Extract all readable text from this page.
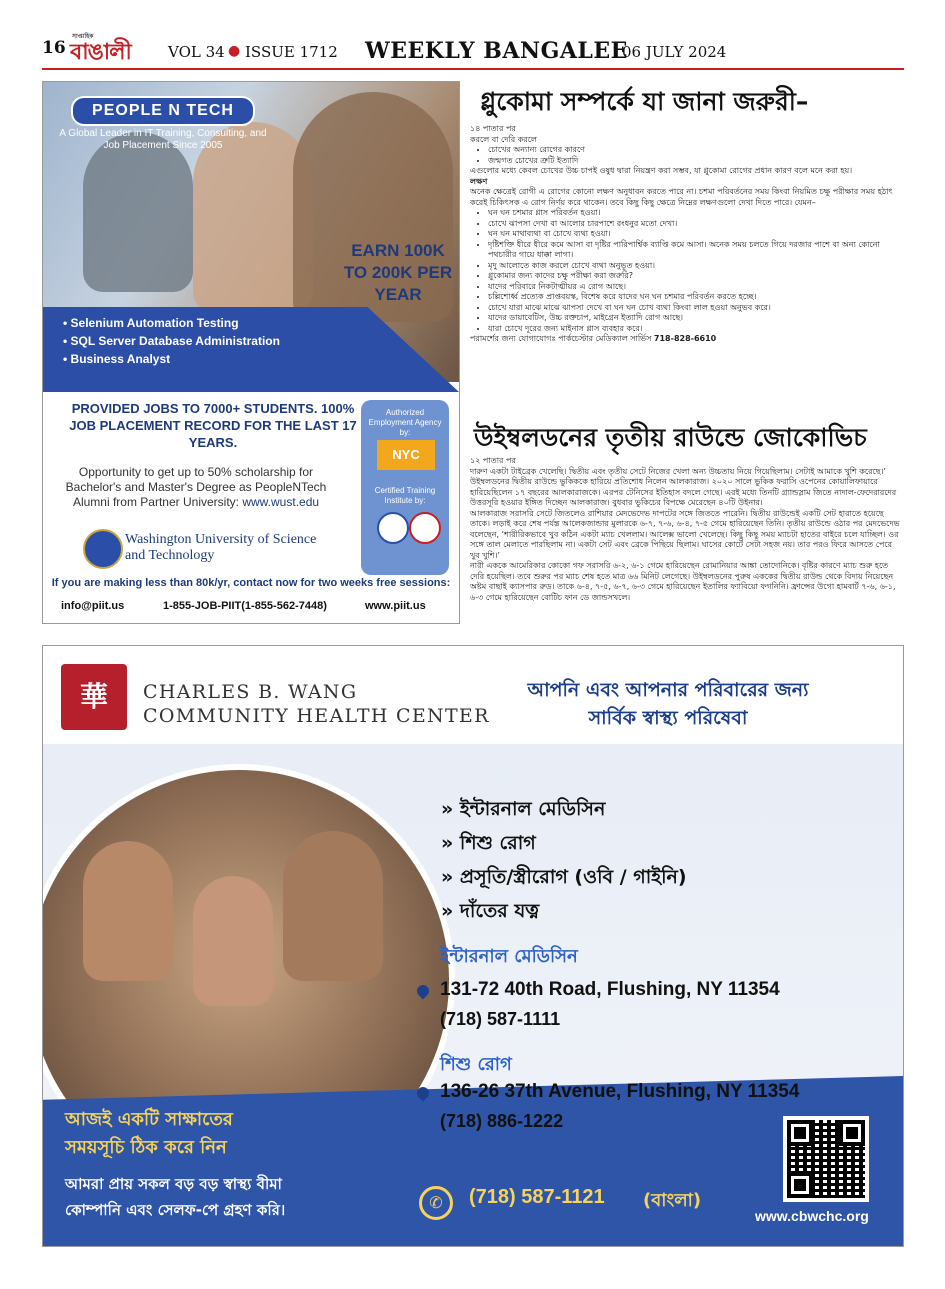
16
সাপ্তাহিক
বাঙালী	VOL 34 ● ISSUE 1712 WEEKLY BANGALEE
06 JULY 2024
PEOPLE N TECH
A Global Leader in IT Training, Consulting, and Job Placement Since 2005
EARN 100K TO 200K PER YEAR
• Selenium Automation Testing
• SQL Server Database Administration
• Business Analyst
PROVIDED JOBS TO 7000+ STUDENTS. 100% JOB PLACEMENT RECORD FOR THE LAST 17 YEARS.
Opportunity to get up to 50% scholarship for Bachelor's and Master's Degree as PeopleNTech Alumni from Partner University: www.wust.edu
Washington University of Science and Technology
Authorized Employment Agency by:
NYC
Certified Training Institute by:
If you are making less than 80k/yr, contact now for two weeks free sessions:
info@piit.us	1-855-JOB-PIIT(1-855-562-7448)	www.piit.us
গ্লুকোমা সম্পর্কে যা জানা জরুরী–

১৪ পাতার পর

করলে বা দেরি করলে

• চোখের অন্যান্য রোগের কারণে
• জন্মগত চোখের ত্রুটি ইত্যাদি

এগুলোর মধ্যে কেবল চোখের উচ্চ চাপই ওষুধ দ্বারা নিয়ন্ত্রণ করা সম্ভব, যা গ্লুকোমা রোগের প্রধান কারণ বলে মনে করা হয়।

লক্ষণ

অনেক ক্ষেত্রেই রোগী এ রোগের কোনো লক্ষণ অনুধাবন করতে পারে না। চশমা পরিবর্তনের সময় কিংবা নিয়মিত চক্ষু পরীক্ষার সময় হঠাৎ করেই চিকিৎসক এ রোগ নির্ণয় করে থাকেন। তবে কিছু কিছু ক্ষেত্রে নিম্নের লক্ষণগুলো দেখা দিতে পারে। যেমন–

• ঘন ঘন চশমার গ্লাস পরিবর্তন হওয়া।
• চোখে ঝাপসা দেখা বা আলোর চারপাশে রংধনুর মতো দেখা।
• ঘন ঘন মাথাব্যথা বা চোখে ব্যথা হওয়া।
• দৃষ্টিশক্তি ধীরে ধীরে কমে আসা বা দৃষ্টির পারিপার্শ্বিক ব্যাপ্তি কমে আসা। অনেক সময় চলতে গিয়ে দরজার পাশে বা অন্য কোনো পথচারীর গায়ে ধাক্কা লাগা।
• মৃদু আলোতে কাজ করলে চোখে ব্যথা অনুভূত হওয়া।
• গ্লুকোমার জন্য কাদের চক্ষু পরীক্ষা করা জরুরি?
• যাদের পরিবারে নিকটাত্মীয়র এ রোগ আছে।
• চল্লিশোর্ধ্ব প্রত্যেক প্রাপ্তবয়স্ক, বিশেষ করে যাদের ঘন ঘন চশমার পরিবর্তন করতে হচ্ছে।
• চোখে যারা মাঝে মাঝে ঝাপসা দেখে বা ঘন ঘন চোখ ব্যথা কিংবা লাল হওয়া অনুভব করে।
• যাদের ডায়াবেটিস, উচ্চ রক্তচাপ, মাইগ্রেন ইত্যাদি রোগ আছে।
• যারা চোখে দূরের জন্য মাইনাস গ্লাস ব্যবহার করে।

পরামর্শের জন্য যোগাযোগঃ পার্কচেস্টার মেডিক্যাল সার্ভিস 718-828-6610

উইম্বলডনের তৃতীয় রাউন্ডে জোকোভিচ

১২ পাতার পর

দারুণ একটা টাইব্রেক খেলেছি। দ্বিতীয় এবং তৃতীয় সেটে নিজের খেলা অন্য উচ্চতায় নিয়ে গিয়েছিলাম। সেটাই আমাকে খুশি করেছে।’

উইম্বলডনের দ্বিতীয় রাউন্ডে ভুকিককে হারিয়ে প্রতিশোধ নিলেন আলকারাজ। ২০২০ সালে ভুকিক ফরাসি ওপেনের কোয়ালিফায়ারে হারিয়েছিলেন ১৭ বছরের আলকারাজকে। এরপর টেনিসের ইতিহাস বদলে গেছে। এরই মধ্যে তিনটি গ্র্যান্ডস্লাম জিতে নাদাল-ফেদেরারদের উত্তরসূরি হওয়ার ইঙ্গিত দিচ্ছেন আলকারাজ। বুধবার ভুকিচের বিপক্ষে মেরেছেন ৪০টি উইনার।

আলকারাজ সরাসরি সেটে জিতলেও রাশিয়ার মেদভেদেভ দাপটের সঙ্গে জিততে পারেনি। দ্বিতীয় রাউন্ডেই একটি সেট হারাতে হয়েছে তাকে। লড়াই করে শেষ পর্যন্ত আলেকজান্ডার মুলারকে ৬-৭, ৭-৬, ৬-৪, ৭-৫ গেমে হারিয়েছেন তিনি। তৃতীয় রাউন্ডে ওঠার পর মেদভেদেভ বলেছেন, ‘শারীরিকভাবে খুব কঠিন একটা ম্যাচ খেললাম। আলেক্স ভালো খেলেছে। কিছু কিছু সময় ম্যাচটা হাতের বাইরে চলে যাচ্ছিল। ওর সঙ্গে তাল মেলাতে পারছিলাম না। একটা সেট এবং ব্রেকে পিছিয়ে ছিলাম। ঘাসের কোর্টে সেটা সহজ নয়। তার পরও ফিরে আসতে পেরে খুব খুশি।’

নারী এককে আমেরিকার কোকো গফ সরাসরি ৬-২, ৬-১ গেমে হারিয়েছেন রোমানিয়ার আঙ্কা তোদোনিকে। বৃষ্টির কারণে ম্যাচ শুরু হতে দেরি হয়েছিল। তবে শুরুর পর ম্যাচ শেষ হতে মাত্র ৬৬ মিনিট লেগেছে। উইম্বলডনের পুরুষ এককের দ্বিতীয় রাউন্ড থেকে বিদায় নিয়েছেন অষ্টম বাছাই ক্যাসপার রুড। তাকে ৬-৪, ৭-৫, ৬-৭, ৬-৩ গেমে হারিয়েছেন ইতালির ফ্যাবিয়ো ফগনিনি। ফ্রান্সের উগো হামবার্ট ৭-৬, ৬-১, ৬-৩ গেমে হারিয়েছেন বোটিচ ফান ডে জান্ডসখলে।

華	CHARLES B. WANG
COMMUNITY HEALTH CENTER
আপনি এবং আপনার পরিবারের জন্য
সার্বিক স্বাস্থ্য পরিষেবা
আজই একটি সাক্ষাতের
সময়সূচি ঠিক করে নিন
আমরা প্রায় সকল বড় বড় স্বাস্থ্য বীমা
কোম্পানি এবং সেলফ-পে গ্রহণ করি।
» ইন্টারনাল মেডিসিন
» শিশু রোগ
» প্রসূতি/স্ত্রীরোগ (ওবি / গাইনি)
» দাঁতের যত্ন
ইন্টারনাল মেডিসিন
131-72 40th Road, Flushing, NY 11354
(718) 587-1111
শিশু রোগ
136-26 37th Avenue, Flushing, NY 11354
(718) 886-1222
✆	(718) 587-1121 (বাংলা)
www.cbwchc.org
